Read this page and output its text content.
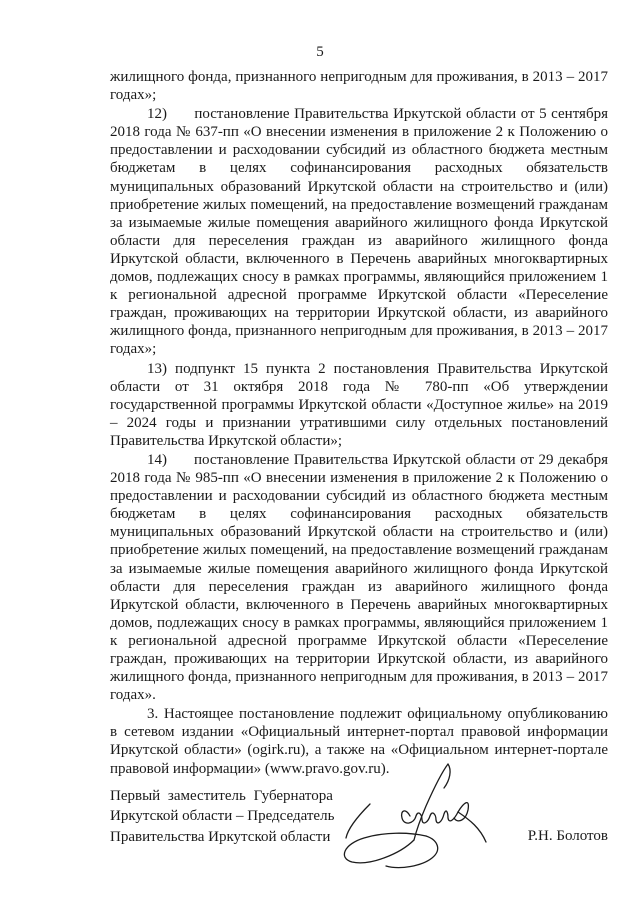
5

жилищного фонда, признанного непригодным для проживания, в 2013 – 2017 годах»;

12)      постановление Правительства Иркутской области от 5 сентября 2018 года № 637-пп «О внесении изменения в приложение 2 к Положению о предоставлении и расходовании субсидий из областного бюджета местным бюджетам в целях софинансирования расходных обязательств муниципальных образований Иркутской области на строительство и (или) приобретение жилых помещений, на предоставление возмещений гражданам за изымаемые жилые помещения аварийного жилищного фонда Иркутской области для переселения граждан из аварийного жилищного фонда Иркутской области, включенного в Перечень аварийных многоквартирных домов, подлежащих сносу в рамках программы, являющийся приложением 1 к региональной адресной программе Иркутской области «Переселение граждан, проживающих на территории Иркутской области, из аварийного жилищного фонда, признанного непригодным для проживания, в 2013 – 2017 годах»;

13) подпункт 15 пункта 2 постановления Правительства Иркутской области от 31 октября 2018 года № 780-пп «Об утверждении государственной программы Иркутской области «Доступное жилье» на 2019 – 2024 годы и признании утратившими силу отдельных постановлений Правительства Иркутской области»;

14)      постановление Правительства Иркутской области от 29 декабря 2018 года № 985-пп «О внесении изменения в приложение 2 к Положению о предоставлении и расходовании субсидий из областного бюджета местным бюджетам в целях софинансирования расходных обязательств муниципальных образований Иркутской области на строительство и (или) приобретение жилых помещений, на предоставление возмещений гражданам за изымаемые жилые помещения аварийного жилищного фонда Иркутской области для переселения граждан из аварийного жилищного фонда Иркутской области, включенного в Перечень аварийных многоквартирных домов, подлежащих сносу в рамках программы, являющийся приложением 1 к региональной адресной программе Иркутской области «Переселение граждан, проживающих на территории Иркутской области, из аварийного жилищного фонда, признанного непригодным для проживания, в 2013 – 2017 годах».

3. Настоящее постановление подлежит официальному опубликованию в сетевом издании «Официальный интернет-портал правовой информации Иркутской области» (ogirk.ru), а также на «Официальном интернет-портале правовой информации» (www.pravo.gov.ru).

Первый заместитель Губернатора
Иркутской области – Председатель
Правительства Иркутской области	Р.Н. Болотов
